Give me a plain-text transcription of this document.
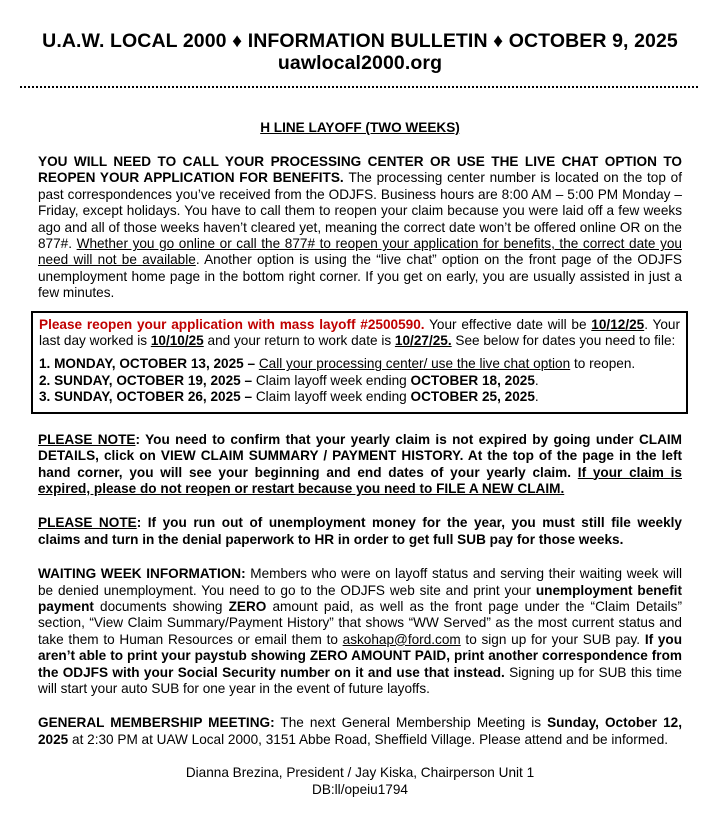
U.A.W. LOCAL 2000 ♦ INFORMATION BULLETIN ♦ OCTOBER 9, 2025
uawlocal2000.org
H LINE LAYOFF (TWO WEEKS)

YOU WILL NEED TO CALL YOUR PROCESSING CENTER OR USE THE LIVE CHAT OPTION TO REOPEN YOUR APPLICATION FOR BENEFITS. The processing center number is located on the top of past correspondences you’ve received from the ODJFS. Business hours are 8:00 AM – 5:00 PM Monday – Friday, except holidays. You have to call them to reopen your claim because you were laid off a few weeks ago and all of those weeks haven’t cleared yet, meaning the correct date won’t be offered online OR on the 877#. Whether you go online or call the 877# to reopen your application for benefits, the correct date you need will not be available. Another option is using the “live chat” option on the front page of the ODJFS unemployment home page in the bottom right corner. If you get on early, you are usually assisted in just a few minutes.

Please reopen your application with mass layoff #2500590. Your effective date will be 10/12/25. Your last day worked is 10/10/25 and your return to work date is 10/27/25. See below for dates you need to file:

1. MONDAY, OCTOBER 13, 2025 – Call your processing center/ use the live chat option to reopen.

2. SUNDAY, OCTOBER 19, 2025 – Claim layoff week ending OCTOBER 18, 2025.

3. SUNDAY, OCTOBER 26, 2025 – Claim layoff week ending OCTOBER 25, 2025.

PLEASE NOTE: You need to confirm that your yearly claim is not expired by going under CLAIM DETAILS, click on VIEW CLAIM SUMMARY / PAYMENT HISTORY. At the top of the page in the left hand corner, you will see your beginning and end dates of your yearly claim. If your claim is expired, please do not reopen or restart because you need to FILE A NEW CLAIM.

PLEASE NOTE: If you run out of unemployment money for the year, you must still file weekly claims and turn in the denial paperwork to HR in order to get full SUB pay for those weeks.

WAITING WEEK INFORMATION: Members who were on layoff status and serving their waiting week will be denied unemployment. You need to go to the ODJFS web site and print your unemployment benefit payment documents showing ZERO amount paid, as well as the front page under the “Claim Details” section, “View Claim Summary/Payment History” that shows “WW Served” as the most current status and take them to Human Resources or email them to askohap@ford.com to sign up for your SUB pay. If you aren’t able to print your paystub showing ZERO AMOUNT PAID, print another correspondence from the ODJFS with your Social Security number on it and use that instead. Signing up for SUB this time will start your auto SUB for one year in the event of future layoffs.

GENERAL MEMBERSHIP MEETING: The next General Membership Meeting is Sunday, October 12, 2025 at 2:30 PM at UAW Local 2000, 3151 Abbe Road, Sheffield Village. Please attend and be informed.

Dianna Brezina, President / Jay Kiska, Chairperson Unit 1
DB:ll/opeiu1794
